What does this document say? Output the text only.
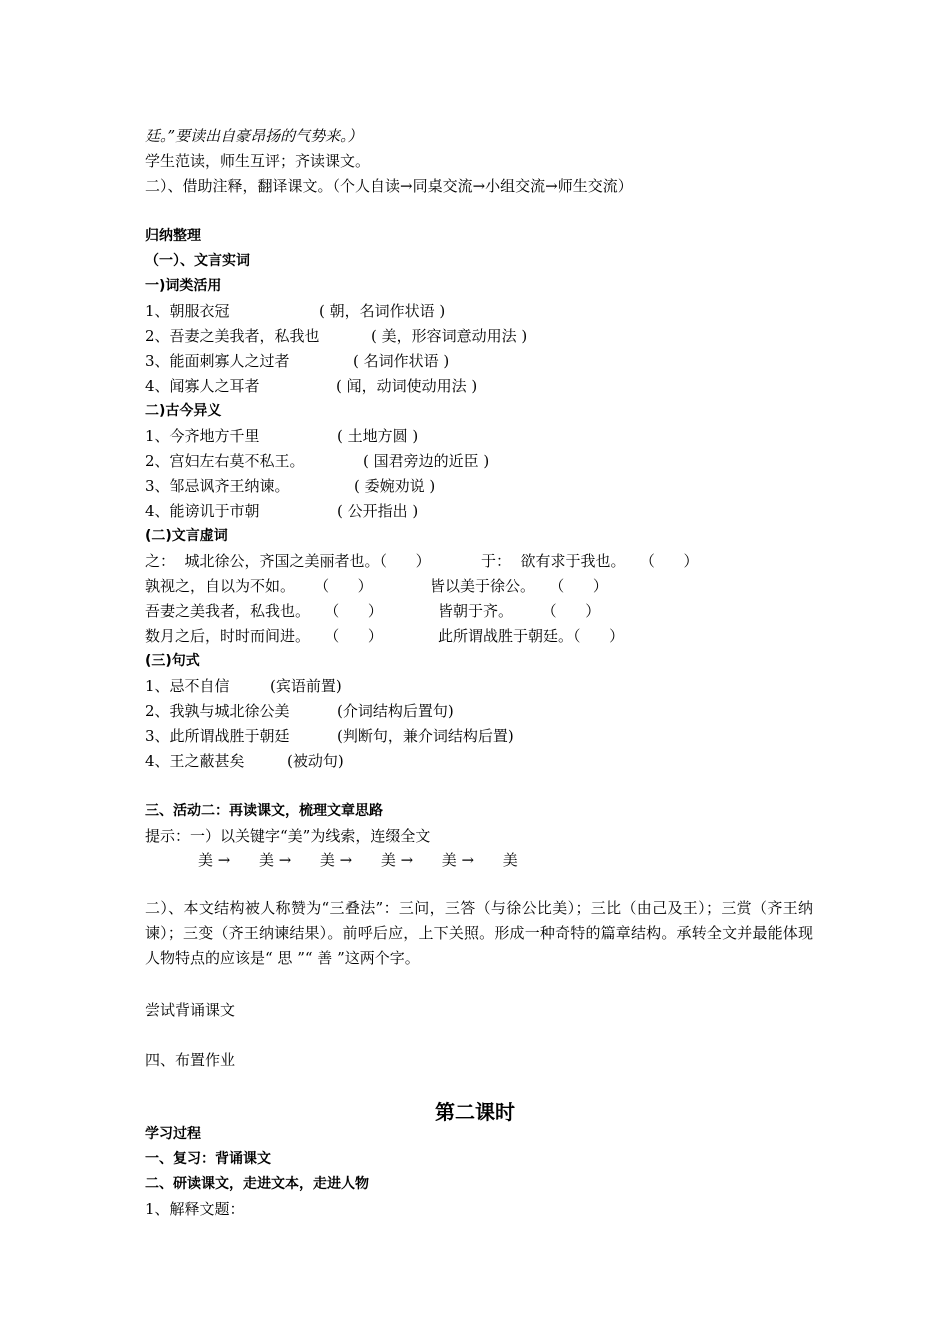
廷。”要读出自豪昂扬的气势来。）
学生范读，师生互评；齐读课文。
二）、借助注释，翻译课文。（个人自读→同桌交流→小组交流→师生交流）
归纳整理
（一）、文言实词
一)词类活用
1、朝服衣冠	( 朝，名词作状语 )
2、吾妻之美我者，私我也	( 美，形容词意动用法 )
3、能面刺寡人之过者	( 名词作状语 )
4、闻寡人之耳者	( 闻，动词使动用法 )
二)古今异义
1、今齐地方千里	( 土地方圆 )
2、宫妇左右莫不私王。	( 国君旁边的近臣 )
3、邹忌讽齐王纳谏。	( 委婉劝说 )
4、能谤讥于市朝	( 公开指出 )
(二)文言虚词
之：  城北徐公，齐国之美丽者也。（      ）	于：  欲有求于我也。   （      ）
孰视之，自以为不如。    （      ）	皆以美于徐公。   （      ）
吾妻之美我者，私我也。   （      ）	皆朝于齐。      （      ）
数月之后，时时而间进。   （      ）	此所谓战胜于朝廷。（      ）
(三)句式
1、忌不自信	(宾语前置)
2、我孰与城北徐公美	(介词结构后置句)
3、此所谓战胜于朝廷	(判断句，兼介词结构后置)
4、王之蔽甚矣	(被动句)
三、活动二：再读课文，梳理文章思路
提示：一）以关键字“美”为线索，连缀全文
美 →      美 →      美 →      美 →      美 →      美
二）、本文结构被人称赞为“三叠法”：三问，三答（与徐公比美）；三比（由己及王）；三赏（齐王纳谏）；三变（齐王纳谏结果）。前呼后应，上下关照。形成一种奇特的篇章结构。承转全文并最能体现人物特点的应该是“ 思 ”“ 善 ”这两个字。
尝试背诵课文
四、布置作业
第二课时
学习过程
一、复习：背诵课文
二、研读课文，走进文本，走进人物
1、解释文题：
